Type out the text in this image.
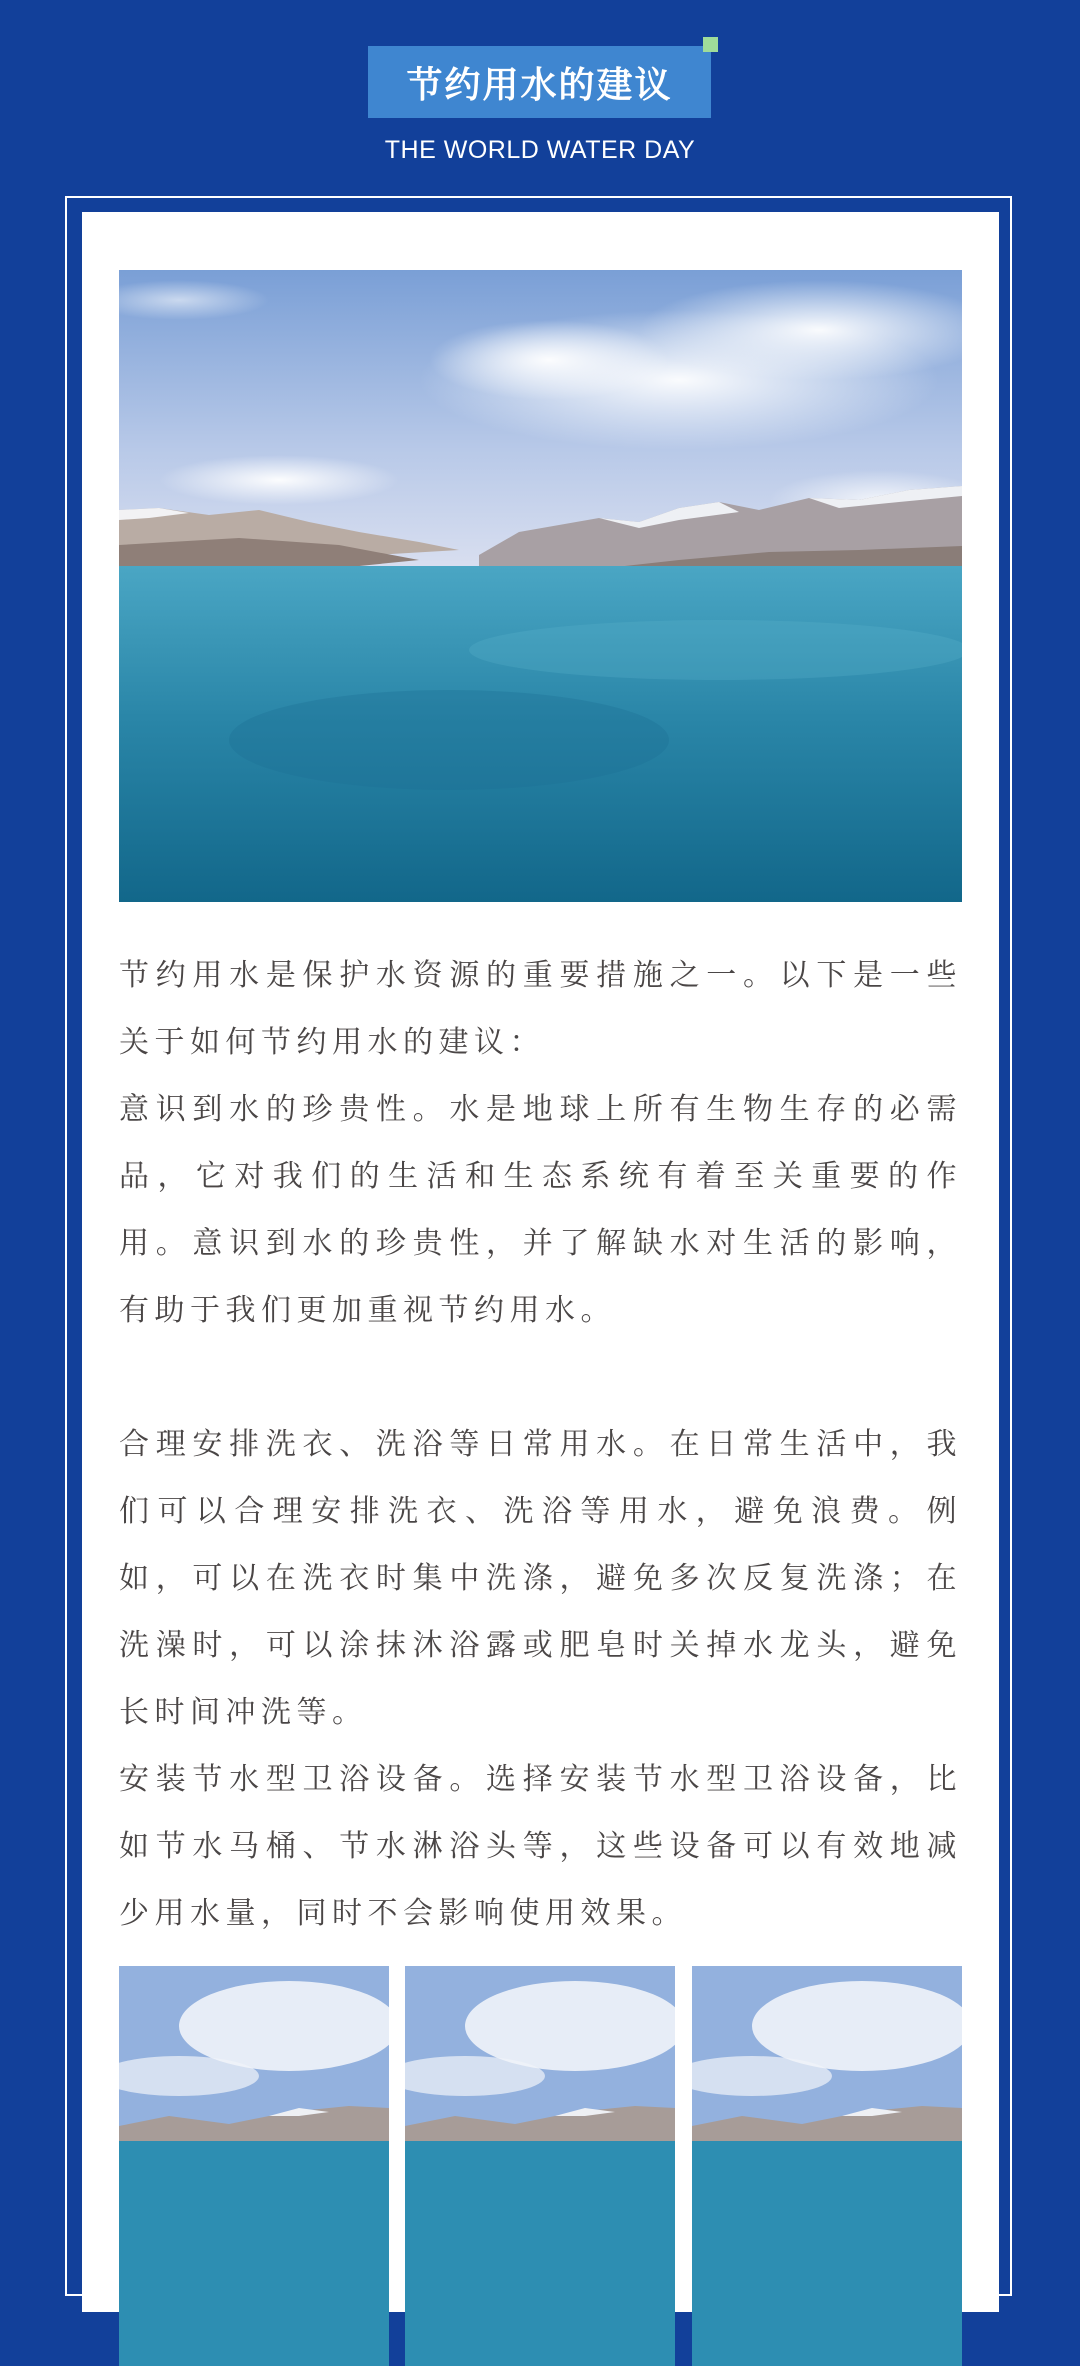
节约用水的建议
THE WORLD WATER DAY

节约用水是保护水资源的重要措施之一。以下是一些关于如何节约用水的建议：

意识到水的珍贵性。水是地球上所有生物生存的必需品，它对我们的生活和生态系统有着至关重要的作用。意识到水的珍贵性，并了解缺水对生活的影响，有助于我们更加重视节约用水。

合理安排洗衣、洗浴等日常用水。在日常生活中，我们可以合理安排洗衣、洗浴等用水，避免浪费。例如，可以在洗衣时集中洗涤，避免多次反复洗涤；在洗澡时，可以涂抹沐浴露或肥皂时关掉水龙头，避免长时间冲洗等。

安装节水型卫浴设备。选择安装节水型卫浴设备，比如节水马桶、节水淋浴头等，这些设备可以有效地减少用水量，同时不会影响使用效果。
